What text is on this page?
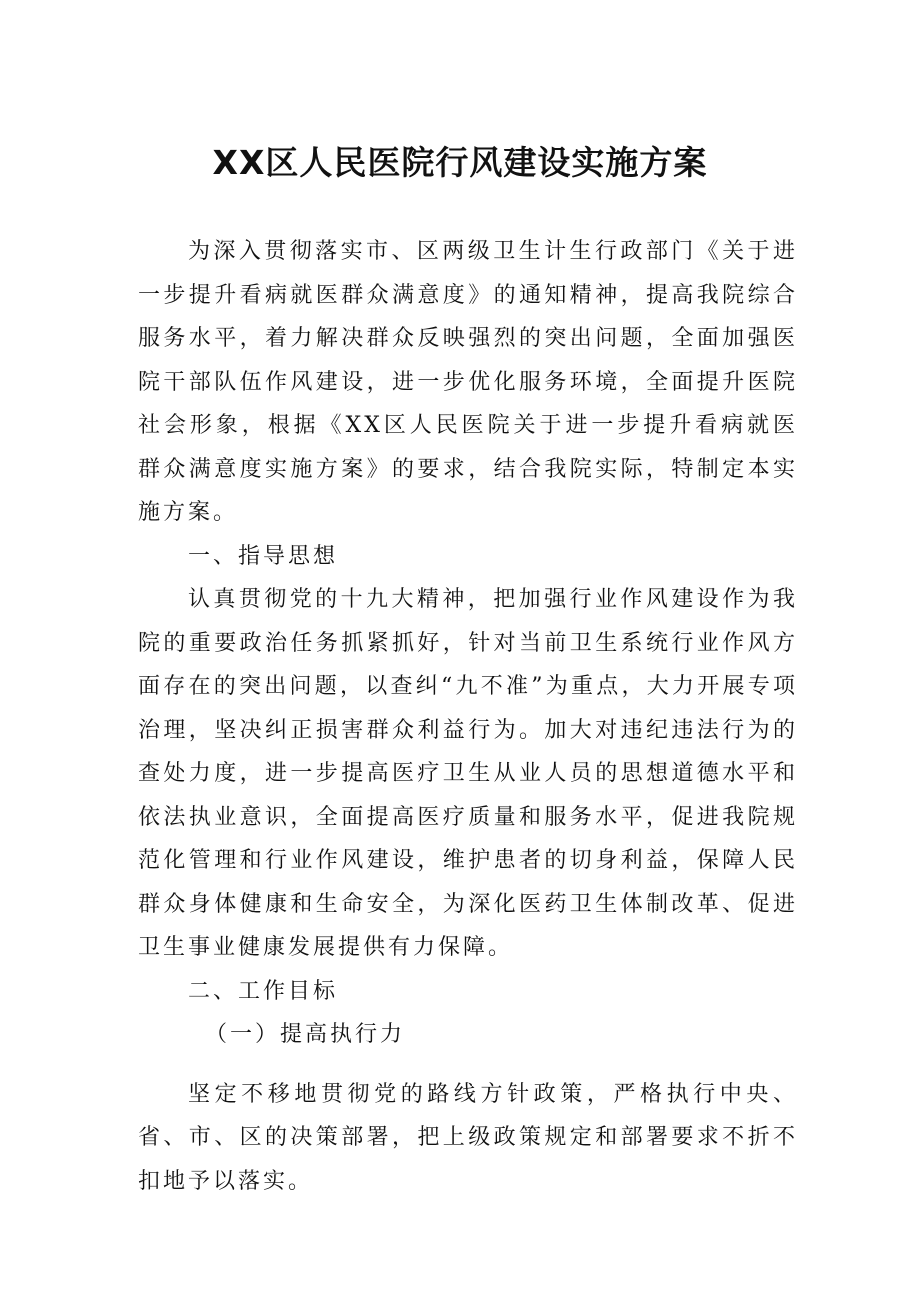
XX区人民医院行风建设实施方案

为深入贯彻落实市、区两级卫生计生行政部门《关于进一步提升看病就医群众满意度》的通知精神，提高我院综合服务水平，着力解决群众反映强烈的突出问题，全面加强医院干部队伍作风建设，进一步优化服务环境，全面提升医院社会形象，根据《XX区人民医院关于进一步提升看病就医群众满意度实施方案》的要求，结合我院实际，特制定本实施方案。

一、指导思想

认真贯彻党的十九大精神，把加强行业作风建设作为我院的重要政治任务抓紧抓好，针对当前卫生系统行业作风方面存在的突出问题，以查纠“九不准”为重点，大力开展专项治理，坚决纠正损害群众利益行为。加大对违纪违法行为的查处力度，进一步提高医疗卫生从业人员的思想道德水平和依法执业意识，全面提高医疗质量和服务水平，促进我院规范化管理和行业作风建设，维护患者的切身利益，保障人民群众身体健康和生命安全，为深化医药卫生体制改革、促进卫生事业健康发展提供有力保障。

二、工作目标

（一）提高执行力

坚定不移地贯彻党的路线方针政策，严格执行中央、省、市、区的决策部署，把上级政策规定和部署要求不折不扣地予以落实。
